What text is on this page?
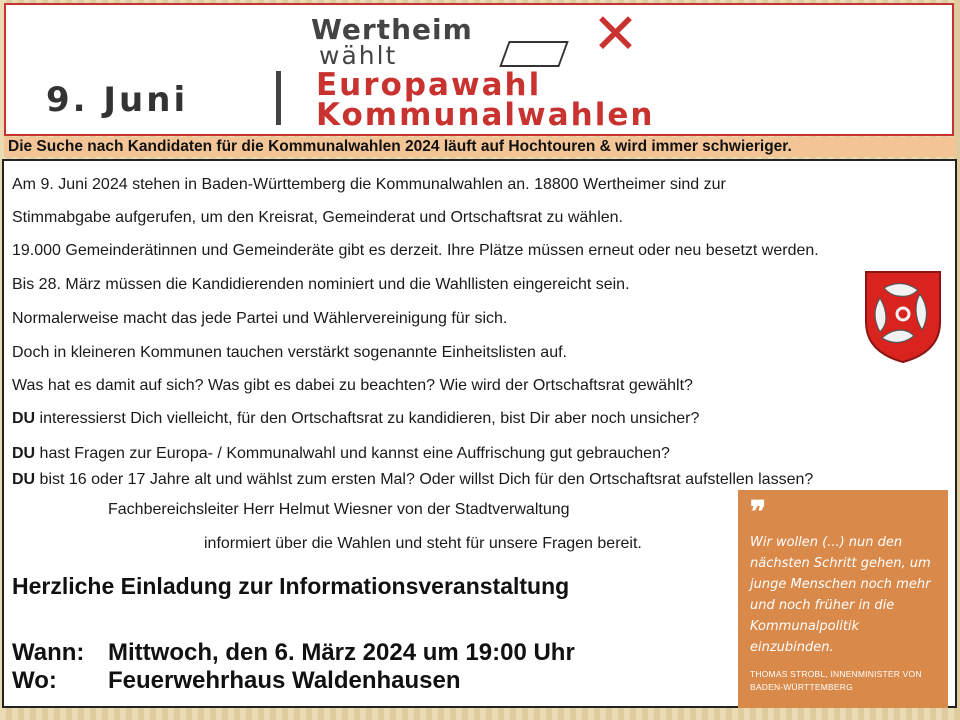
Wertheim
wählt	✕
9. Juni	Europawahl
Kommunalwahlen
Die Suche nach Kandidaten für die Kommunalwahlen 2024 läuft auf Hochtouren & wird immer schwieriger.
Am 9. Juni 2024 stehen in Baden-Württemberg die Kommunalwahlen an. 18800 Wertheimer sind zur
Stimmabgabe aufgerufen, um den Kreisrat, Gemeinderat und Ortschaftsrat zu wählen.
19.000 Gemeinderätinnen und Gemeinderäte gibt es derzeit. Ihre Plätze müssen erneut oder neu besetzt werden.
Bis 28. März müssen die Kandidierenden nominiert und die Wahllisten eingereicht sein.
Normalerweise macht das jede Partei und Wählervereinigung für sich.
Doch in kleineren Kommunen tauchen verstärkt sogenannte Einheitslisten auf.
Was hat es damit auf sich? Was gibt es dabei zu beachten? Wie wird der Ortschaftsrat gewählt?
DU interessierst Dich vielleicht, für den Ortschaftsrat zu kandidieren, bist Dir aber noch unsicher?
DU hast Fragen zur Europa- / Kommunalwahl und kannst eine Auffrischung gut gebrauchen?
DU bist 16 oder 17 Jahre alt und wählst zum ersten Mal? Oder willst Dich für den Ortschaftsrat aufstellen lassen?
Fachbereichsleiter Herr Helmut Wiesner von der Stadtverwaltung
informiert über die Wahlen und steht für unsere Fragen bereit.
Herzliche Einladung zur Informationsveranstaltung
Wann: Mittwoch, den 6. März 2024 um 19:00 Uhr
Wo: Feuerwehrhaus Waldenhausen
❞
Wir wollen (...) nun den nächsten Schritt gehen, um junge Menschen noch mehr und noch früher in die Kommunalpolitik einzubinden.
THOMAS STROBL, INNENMINISTER VON BADEN-WÜRTTEMBERG
